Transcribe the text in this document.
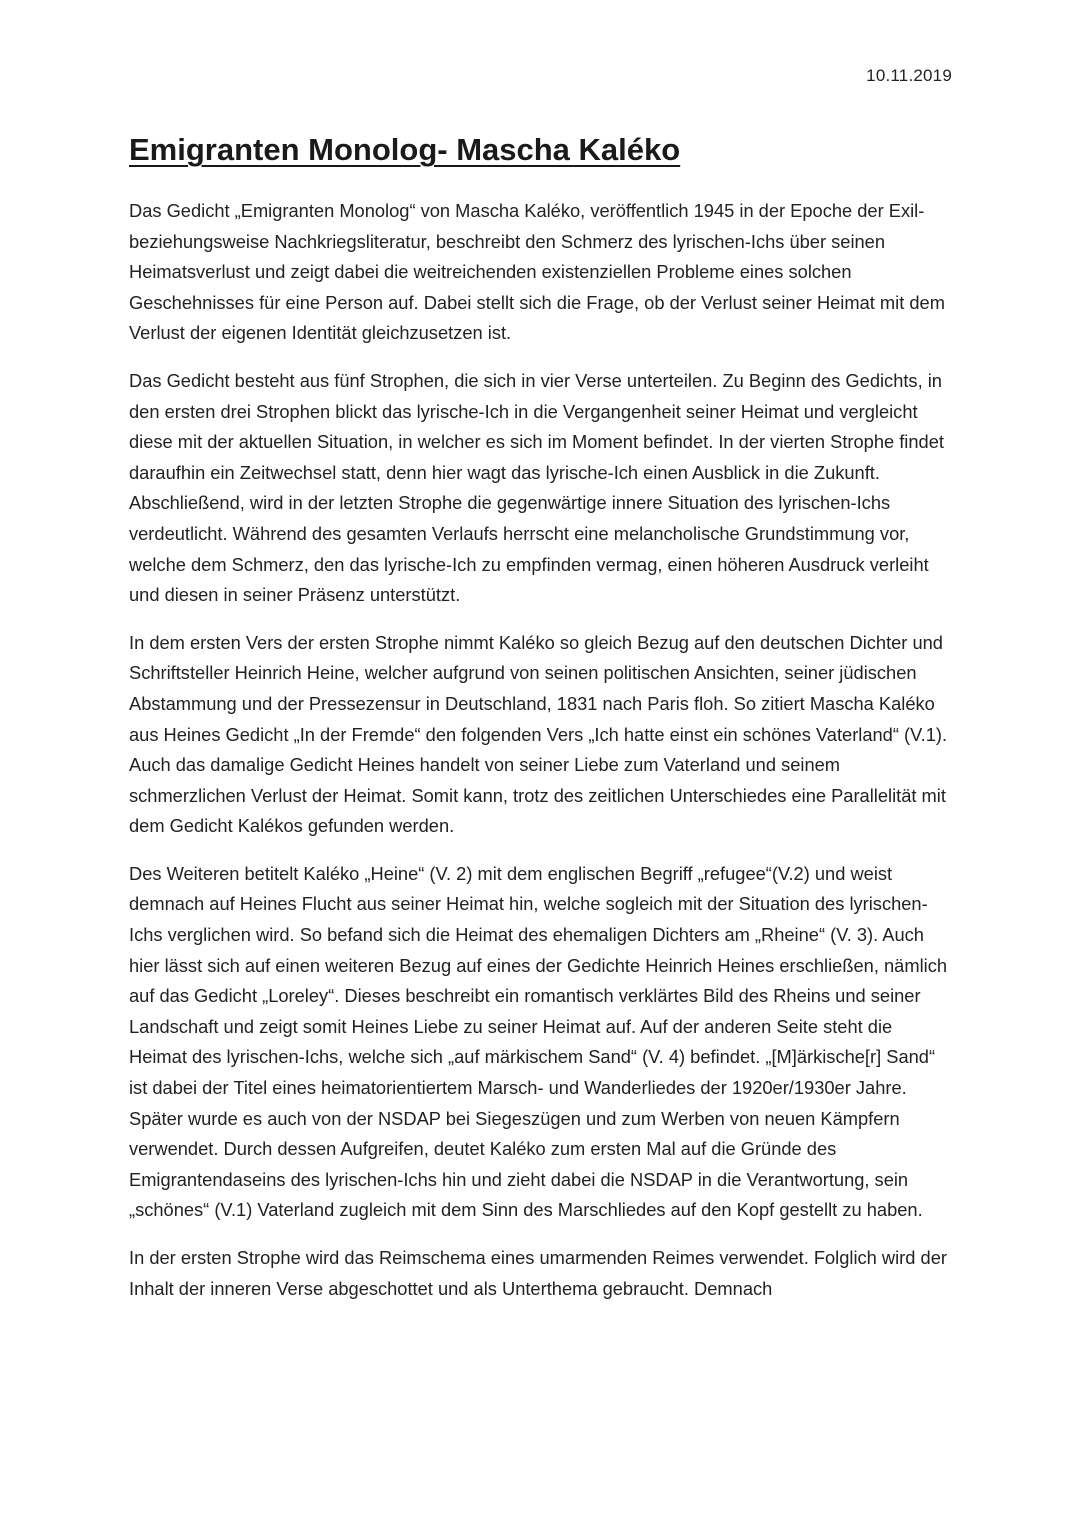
10.11.2019
Emigranten Monolog- Mascha Kaléko

Das Gedicht „Emigranten Monolog“ von Mascha Kaléko, veröffentlich 1945 in der Epoche der Exil- beziehungsweise Nachkriegsliteratur, beschreibt den Schmerz des lyrischen-Ichs über seinen Heimatsverlust und zeigt dabei die weitreichenden existenziellen Probleme eines solchen Geschehnisses für eine Person auf. Dabei stellt sich die Frage, ob der Verlust seiner Heimat mit dem Verlust der eigenen Identität gleichzusetzen ist.

Das Gedicht besteht aus fünf Strophen, die sich in vier Verse unterteilen. Zu Beginn des Gedichts, in den ersten drei Strophen blickt das lyrische-Ich in die Vergangenheit seiner Heimat und vergleicht diese mit der aktuellen Situation, in welcher es sich im Moment befindet. In der vierten Strophe findet daraufhin ein Zeitwechsel statt, denn hier wagt das lyrische-Ich einen Ausblick in die Zukunft. Abschließend, wird in der letzten Strophe die gegenwärtige innere Situation des lyrischen-Ichs verdeutlicht. Während des gesamten Verlaufs herrscht eine melancholische Grundstimmung vor, welche dem Schmerz, den das lyrische-Ich zu empfinden vermag, einen höheren Ausdruck verleiht und diesen in seiner Präsenz unterstützt.

In dem ersten Vers der ersten Strophe nimmt Kaléko so gleich Bezug auf den deutschen Dichter und Schriftsteller Heinrich Heine, welcher aufgrund von seinen politischen Ansichten, seiner jüdischen Abstammung und der Pressezensur in Deutschland, 1831 nach Paris floh. So zitiert Mascha Kaléko aus Heines Gedicht „In der Fremde“ den folgenden Vers „Ich hatte einst ein schönes Vaterland“ (V.1). Auch das damalige Gedicht Heines handelt von seiner Liebe zum Vaterland und seinem schmerzlichen Verlust der Heimat. Somit kann, trotz des zeitlichen Unterschiedes eine Parallelität mit dem Gedicht Kalékos gefunden werden.

Des Weiteren betitelt Kaléko „Heine“ (V. 2) mit dem englischen Begriff „refugee“(V.2) und weist demnach auf Heines Flucht aus seiner Heimat hin, welche sogleich mit der Situation des lyrischen-Ichs verglichen wird. So befand sich die Heimat des ehemaligen Dichters am „Rheine“ (V. 3). Auch hier lässt sich auf einen weiteren Bezug auf eines der Gedichte Heinrich Heines erschließen, nämlich auf das Gedicht „Loreley“. Dieses beschreibt ein romantisch verklärtes Bild des Rheins und seiner Landschaft und zeigt somit Heines Liebe zu seiner Heimat auf. Auf der anderen Seite steht die Heimat des lyrischen-Ichs, welche sich „auf märkischem Sand“ (V. 4) befindet. „[M]ärkische[r] Sand“ ist dabei der Titel eines heimatorientiertem Marsch- und Wanderliedes der 1920er/1930er Jahre. Später wurde es auch von der NSDAP bei Siegeszügen und zum Werben von neuen Kämpfern verwendet. Durch dessen Aufgreifen, deutet Kaléko zum ersten Mal auf die Gründe des Emigrantendaseins des lyrischen-Ichs hin und zieht dabei die NSDAP in die Verantwortung, sein „schönes“ (V.1) Vaterland zugleich mit dem Sinn des Marschliedes auf den Kopf gestellt zu haben.

In der ersten Strophe wird das Reimschema eines umarmenden Reimes verwendet. Folglich wird der Inhalt der inneren Verse abgeschottet und als Unterthema gebraucht. Demnach
